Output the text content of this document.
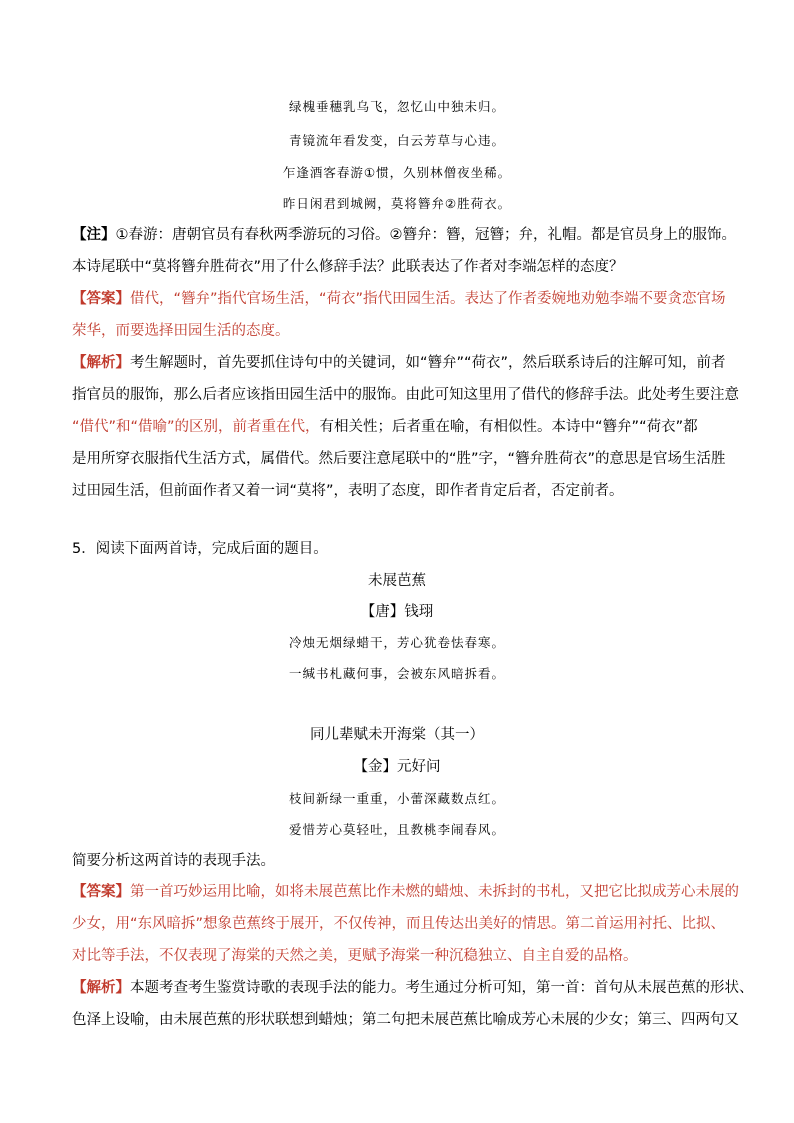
绿槐垂穗乳乌飞，忽忆山中独未归。
青镜流年看发变，白云芳草与心违。
乍逢酒客春游①惯，久别林僧夜坐稀。
昨日闲君到城阙，莫将簪弁②胜荷衣。
【注】①春游：唐朝官员有春秋两季游玩的习俗。②簪弁：簪，冠簪；弁，礼帽。都是官员身上的服饰。
本诗尾联中“莫将簪弁胜荷衣”用了什么修辞手法？此联表达了作者对李端怎样的态度？
【答案】借代，“簪弁”指代官场生活，“荷衣”指代田园生活。表达了作者委婉地劝勉李端不要贪恋官场
荣华，而要选择田园生活的态度。
【解析】考生解题时，首先要抓住诗句中的关键词，如“簪弁”“荷衣”，然后联系诗后的注解可知，前者
指官员的服饰，那么后者应该指田园生活中的服饰。由此可知这里用了借代的修辞手法。此处考生要注意
“借代”和“借喻”的区别，前者重在代，有相关性；后者重在喻，有相似性。本诗中“簪弁”“荷衣”都
是用所穿衣服指代生活方式，属借代。然后要注意尾联中的“胜”字，“簪弁胜荷衣”的意思是官场生活胜
过田园生活，但前面作者又着一词“莫将”，表明了态度，即作者肯定后者，否定前者。
5．阅读下面两首诗，完成后面的题目。
未展芭蕉
【唐】钱珝
冷烛无烟绿蜡干，芳心犹卷怯春寒。
一缄书札藏何事，会被东风暗拆看。
同儿辈赋未开海棠（其一）
【金】元好问
枝间新绿一重重，小蕾深藏数点红。
爱惜芳心莫轻吐，且教桃李闹春风。
简要分析这两首诗的表现手法。
【答案】第一首巧妙运用比喻，如将未展芭蕉比作未燃的蜡烛、未拆封的书札，又把它比拟成芳心未展的
少女，用“东风暗拆”想象芭蕉终于展开，不仅传神，而且传达出美好的情思。第二首运用衬托、比拟、
对比等手法，不仅表现了海棠的天然之美，更赋予海棠一种沉稳独立、自主自爱的品格。
【解析】本题考查考生鉴赏诗歌的表现手法的能力。考生通过分析可知，第一首：首句从未展芭蕉的形状、
色泽上设喻，由未展芭蕉的形状联想到蜡烛；第二句把未展芭蕉比喻成芳心未展的少女；第三、四两句又
